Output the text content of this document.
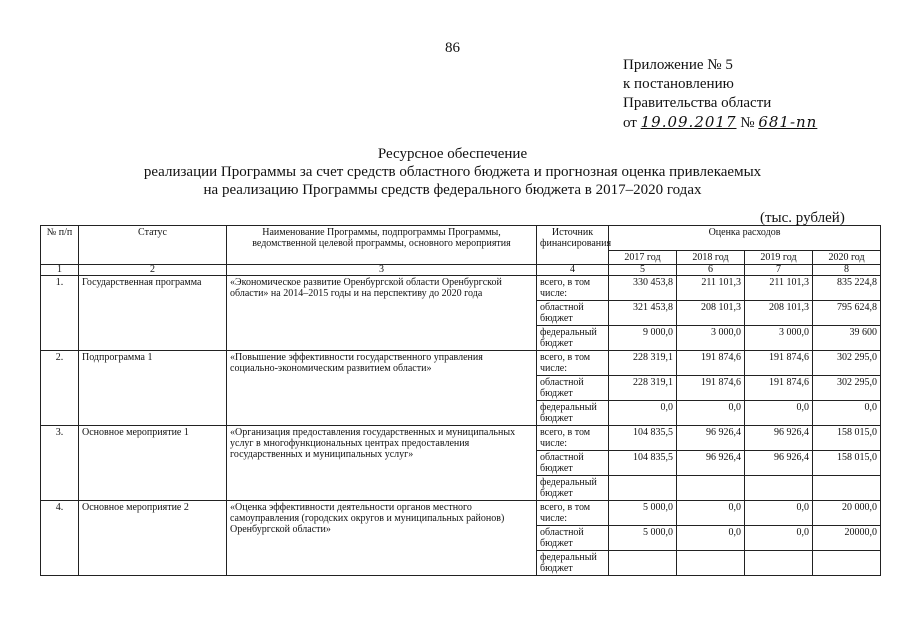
86
Приложение № 5
к постановлению
Правительства области
от 19.09.2017 № 681-пп
Ресурсное обеспечение
реализации Программы за счет средств областного бюджета и прогнозная оценка привлекаемых
на реализацию Программы средств федерального бюджета в 2017–2020 годах
(тыс. рублей)
№ п/п	Статус	Наименование Программы, подпрограммы Программы, ведомственной целевой программы, основного мероприятия	Источник финансирования	Оценка расходов			
				2017 год	2018 год	2019 год	2020 год
1	2	3	4	5	6	7	8
1.	Государственная программа	«Экономическое развитие Оренбургской области Оренбургской области» на 2014–2015 годы и на перспективу до 2020 года	всего, в том числе:	330 453,8	211 101,3	211 101,3	835 224,8
			областной бюджет	321 453,8	208 101,3	208 101,3	795 624,8
			федеральный бюджет	9 000,0	3 000,0	3 000,0	39 600
2.	Подпрограмма 1	«Повышение эффективности государственного управления социально-экономическим развитием области»	всего, в том числе:	228 319,1	191 874,6	191 874,6	302 295,0
			областной бюджет	228 319,1	191 874,6	191 874,6	302 295,0
			федеральный бюджет	0,0	0,0	0,0	0,0
3.	Основное мероприятие 1	«Организация предоставления государственных и муниципальных услуг в многофункциональных центрах предоставления государственных и муниципальных услуг»	всего, в том числе:	104 835,5	96 926,4	96 926,4	158 015,0
			областной бюджет	104 835,5	96 926,4	96 926,4	158 015,0
			федеральный бюджет				
4.	Основное мероприятие 2	«Оценка эффективности деятельности органов местного самоуправления (городских округов и муниципальных районов) Оренбургской области»	всего, в том числе:	5 000,0	0,0	0,0	20 000,0
			областной бюджет	5 000,0	0,0	0,0	20000,0
			федеральный бюджет				
